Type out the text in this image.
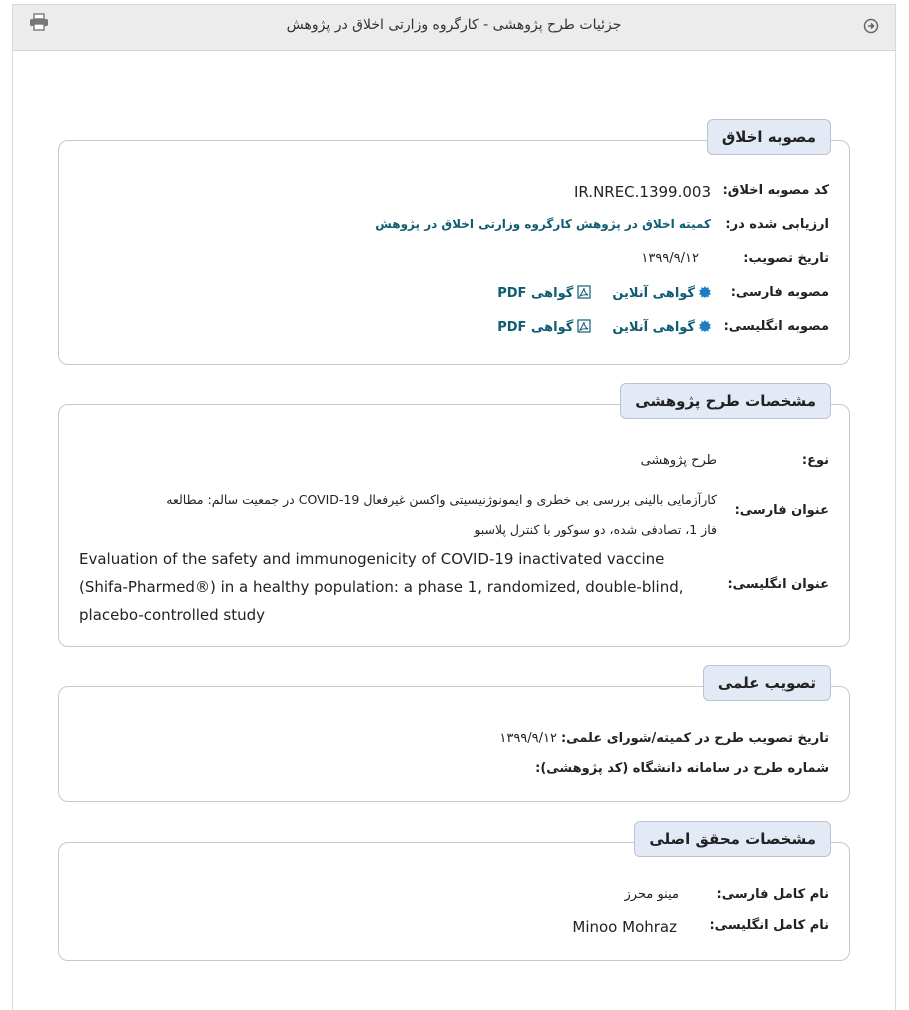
جزئیات طرح پژوهشی - کارگروه وزارتی اخلاق در پژوهش
مصوبه اخلاق
کد مصوبه اخلاق:
IR.NREC.1399.003
ارزیابی شده در:
کمیته اخلاق در پژوهش کارگروه وزارتی اخلاق در پژوهش
تاریخ تصویب:
۱۳۹۹/۹/۱۲
مصوبه فارسی:
گواهی آنلاین     گواهی PDF
مصوبه انگلیسی:
گواهی آنلاین     گواهی PDF
مشخصات طرح پژوهشی
نوع:
طرح پژوهشی
عنوان فارسی:
کارآزمایی بالینی بررسی بی خطری و ایمونوژنیسیتی واکسن غیرفعال COVID-19 در جمعیت سالم: مطالعه
فاز 1، تصادفی شده، دو سوکور با کنترل پلاسبو
عنوان انگلیسی:
Evaluation of the safety and immunogenicity of COVID-19 inactivated vaccine
(Shifa-Pharmed®) in a healthy population: a phase 1, randomized, double-blind,
placebo-controlled study
تصویب علمی
تاریخ تصویب طرح در کمیته/شورای علمی:
۱۳۹۹/۹/۱۲
شماره طرح در سامانه دانشگاه (کد پژوهشی):
مشخصات محقق اصلی
نام کامل فارسی:
مینو محرز
نام کامل انگلیسی:
Minoo Mohraz
